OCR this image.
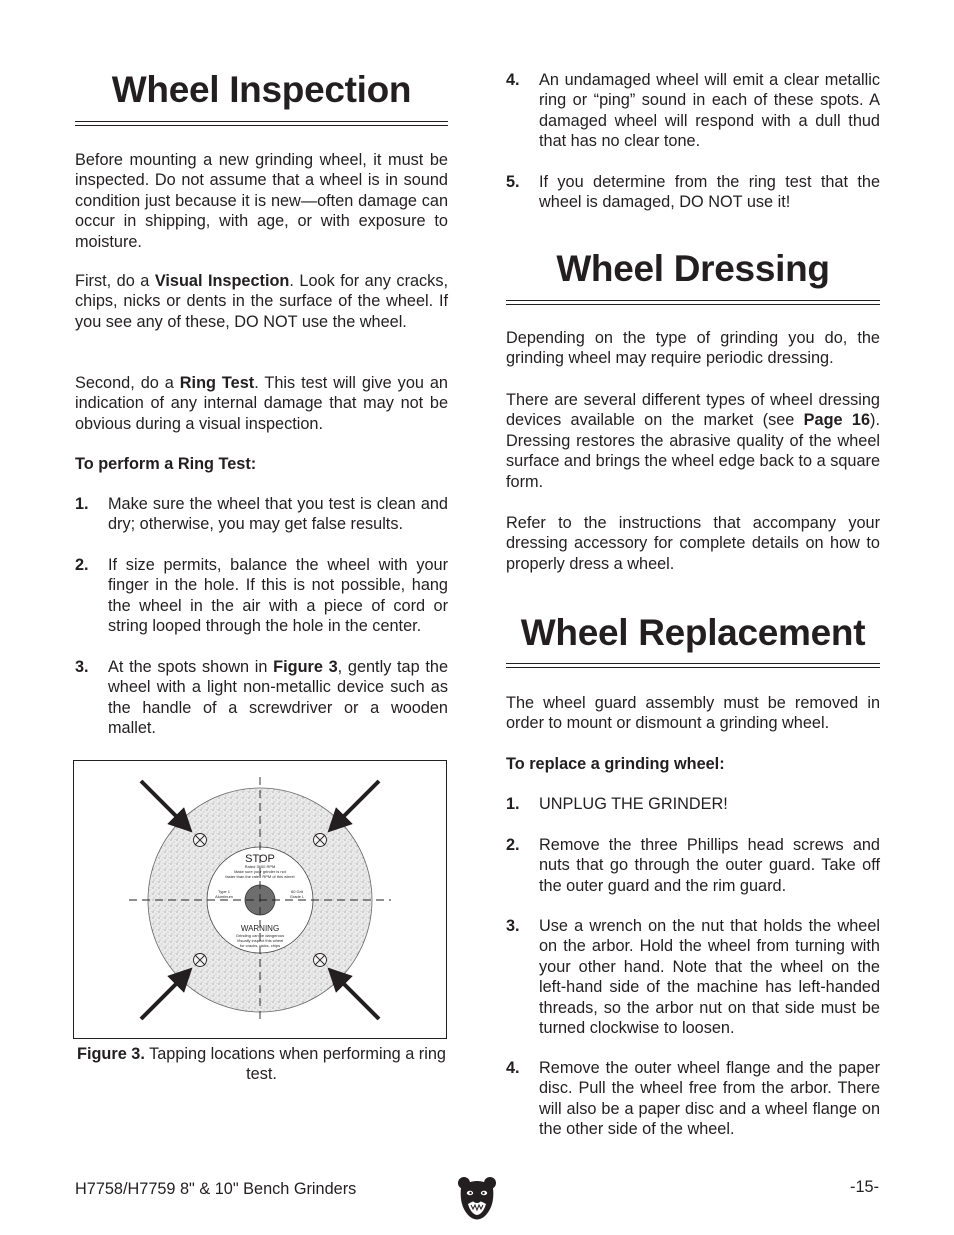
Wheel Inspection

Before mounting a new grinding wheel, it must be inspected. Do not assume that a wheel is in sound condition just because it is new—often damage can occur in shipping, with age, or with exposure to moisture.

First, do a Visual Inspection. Look for any cracks, chips, nicks or dents in the surface of the wheel. If you see any of these, DO NOT use the wheel.

Second, do a Ring Test. This test will give you an indication of any internal damage that may not be obvious during a visual inspection.

To perform a Ring Test:

1. Make sure the wheel that you test is clean and dry; otherwise, you may get false results.

2. If size permits, balance the wheel with your finger in the hole. If this is not possible, hang the wheel in the air with a piece of cord or string looped through the hole in the center.

3. At the spots shown in Figure 3, gently tap the wheel with a light non-metallic device such as the handle of a screwdriver or a wooden mallet.

STOP
Rated 3600 RPM
Make sure your grinder is not
faster than the rated RPM of this wheel
Type 1
Aluminum
60 Grit
Grade L
WARNING
Grinding can be dangerous
Visually inspect this wheel
for cracks, nicks, chips

Figure 3. Tapping locations when performing a ring test.

4. An undamaged wheel will emit a clear metallic ring or “ping” sound in each of these spots. A damaged wheel will respond with a dull thud that has no clear tone.

5. If you determine from the ring test that the wheel is damaged, DO NOT use it!

Wheel Dressing

Depending on the type of grinding you do, the grinding wheel may require periodic dressing.

There are several different types of wheel dressing devices available on the market (see Page 16). Dressing restores the abrasive quality of the wheel surface and brings the wheel edge back to a square form.

Refer to the instructions that accompany your dressing accessory for complete details on how to properly dress a wheel.

Wheel Replacement

The wheel guard assembly must be removed in order to mount or dismount a grinding wheel.

To replace a grinding wheel:

1. UNPLUG THE GRINDER!

2. Remove the three Phillips head screws and nuts that go through the outer guard. Take off the outer guard and the rim guard.

3. Use a wrench on the nut that holds the wheel on the arbor. Hold the wheel from turning with your other hand. Note that the wheel on the left-hand side of the machine has left-handed threads, so the arbor nut on that side must be turned clockwise to loosen.

4. Remove the outer wheel flange and the paper disc. Pull the wheel free from the arbor. There will also be a paper disc and a wheel flange on the other side of the wheel.

H7758/H7759 8" & 10" Bench Grinders	-15-
